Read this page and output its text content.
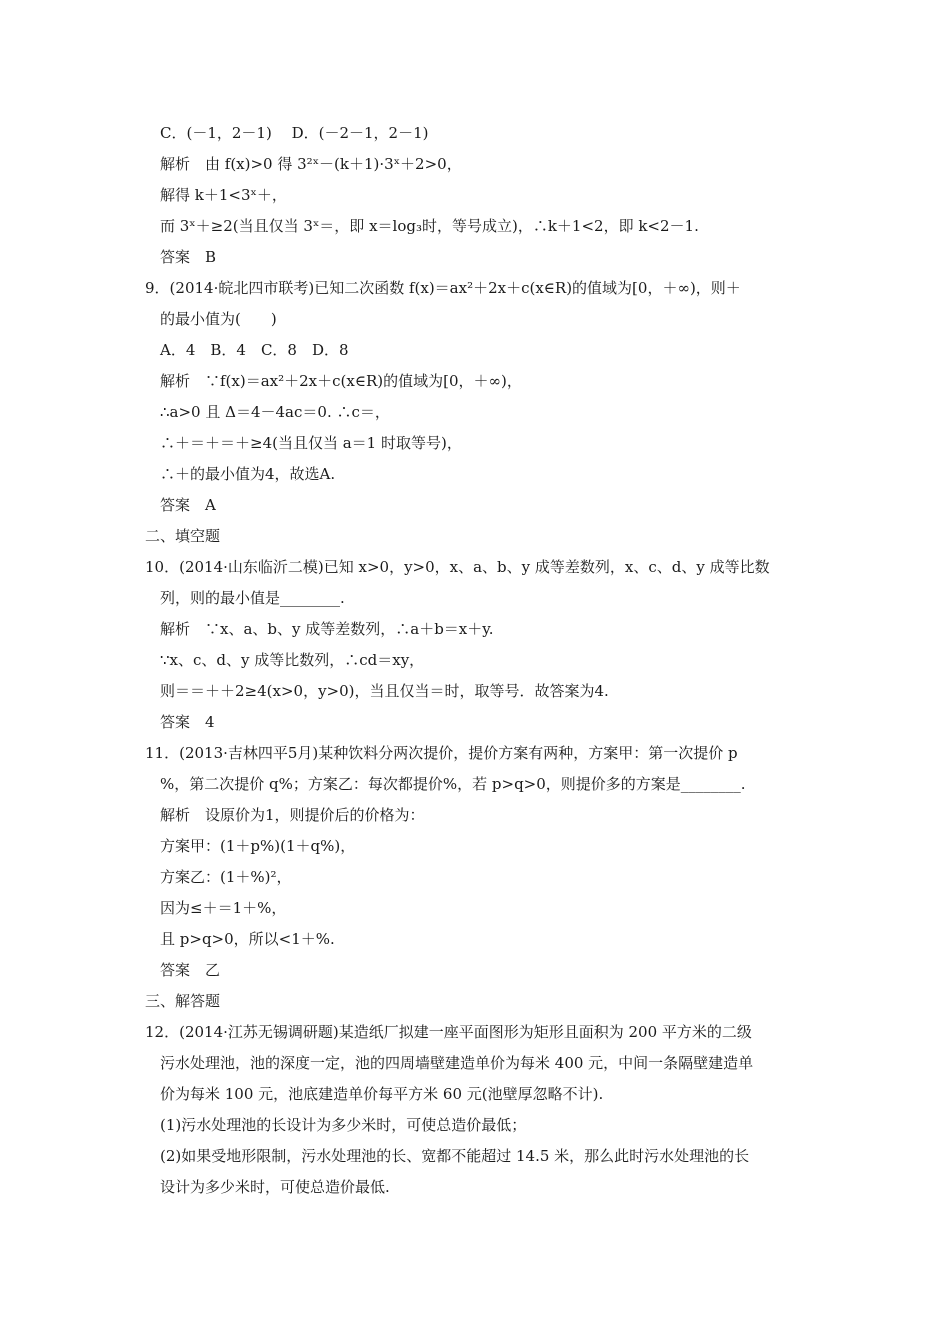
C．(－1，2－1)　 D．(－2－1，2－1)
解析　由 f(x)>0 得 3²ˣ－(k＋1)·3ˣ＋2>0，
解得 k＋1<3ˣ＋，
而 3ˣ＋≥2(当且仅当 3ˣ＝，即 x＝log₃时，等号成立)，∴k＋1<2，即 k<2－1.
答案　B
9．(2014·皖北四市联考)已知二次函数 f(x)＝ax²＋2x＋c(x∈R)的值域为[0，＋∞)，则＋
的最小值为(　　)
A．4　B．4　C．8　D．8
解析　∵f(x)＝ax²＋2x＋c(x∈R)的值域为[0，＋∞)，
∴a>0 且 Δ＝4－4ac＝0. ∴c＝，
∴＋＝＋＝＋≥4(当且仅当 a＝1 时取等号)，
∴＋的最小值为4，故选A.
答案　A
二、填空题
10．(2014·山东临沂二模)已知 x>0，y>0，x、a、b、y 成等差数列，x、c、d、y 成等比数
列，则的最小值是________.
解析　∵x、a、b、y 成等差数列，∴a＋b＝x＋y.
∵x、c、d、y 成等比数列，∴cd＝xy，
则＝＝＋＋2≥4(x>0，y>0)，当且仅当＝时，取等号．故答案为4.
答案　4
11．(2013·吉林四平5月)某种饮料分两次提价，提价方案有两种，方案甲：第一次提价 p
%，第二次提价 q%；方案乙：每次都提价%，若 p>q>0，则提价多的方案是________.
解析　设原价为1，则提价后的价格为：
方案甲：(1＋p%)(1＋q%)，
方案乙：(1＋%)²，
因为≤＋＝1＋%，
且 p>q>0，所以<1＋%.
答案　乙
三、解答题
12．(2014·江苏无锡调研题)某造纸厂拟建一座平面图形为矩形且面积为 200 平方米的二级
污水处理池，池的深度一定，池的四周墙壁建造单价为每米 400 元，中间一条隔壁建造单
价为每米 100 元，池底建造单价每平方米 60 元(池壁厚忽略不计).
(1)污水处理池的长设计为多少米时，可使总造价最低；
(2)如果受地形限制，污水处理池的长、宽都不能超过 14.5 米，那么此时污水处理池的长
设计为多少米时，可使总造价最低.
